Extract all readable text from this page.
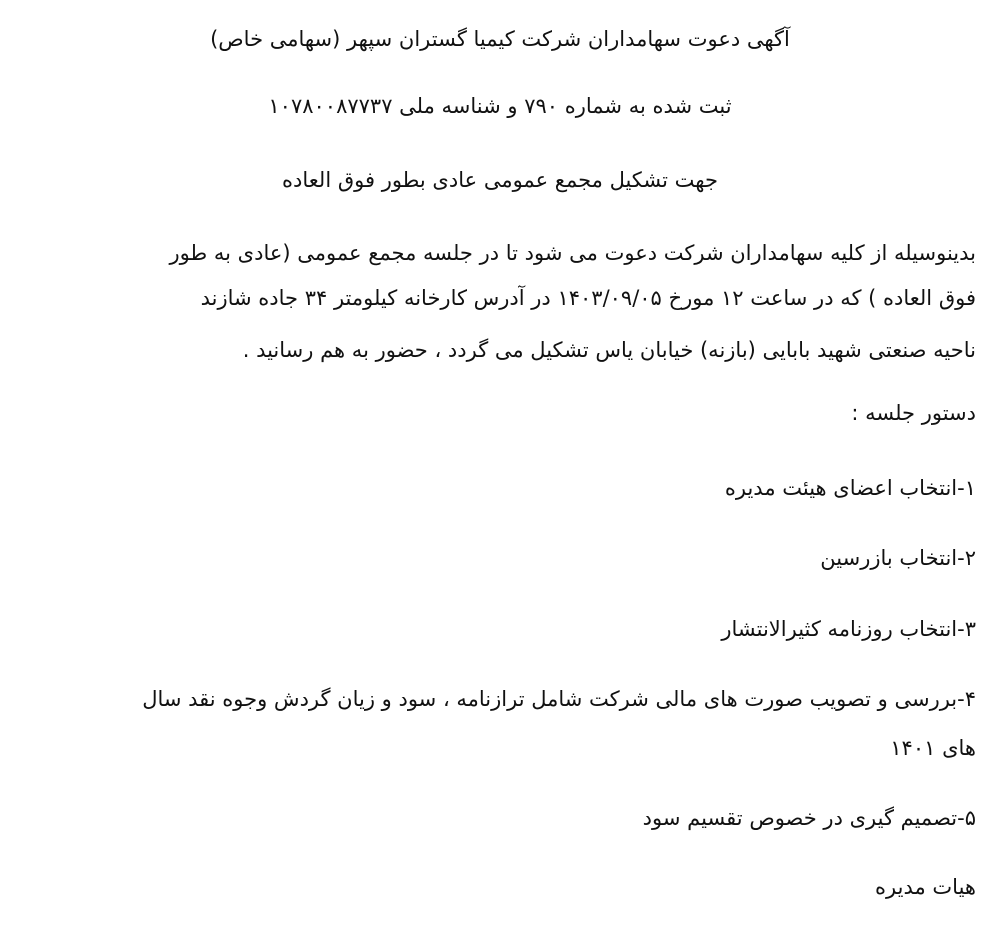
آگهی دعوت سهامداران شرکت کیمیا گستران سپهر (سهامی خاص)

ثبت شده به شماره ۷۹۰ و شناسه ملی ۱۰۷۸۰۰۸۷۷۳۷

جهت تشکیل مجمع عمومی عادی بطور فوق العاده

بدینوسیله از کلیه سهامداران شرکت دعوت می شود تا در جلسه مجمع عمومی (عادی به طور

فوق العاده ) که در ساعت ۱۲ مورخ ۱۴۰۳/۰۹/۰۵ در آدرس کارخانه کیلومتر ۳۴ جاده شازند

ناحیه صنعتی شهید بابایی (بازنه) خیابان یاس تشکیل می گردد ، حضور به هم رسانید .

دستور جلسه :

۱-انتخاب اعضای هیئت مدیره

۲-انتخاب بازرسین

۳-انتخاب روزنامه کثیرالانتشار

۴-بررسی و تصویب صورت های مالی شرکت شامل ترازنامه ، سود و زیان گردش وجوه نقد سال

های ۱۴۰۱

۵-تصمیم گیری در خصوص تقسیم سود

هیات مدیره
